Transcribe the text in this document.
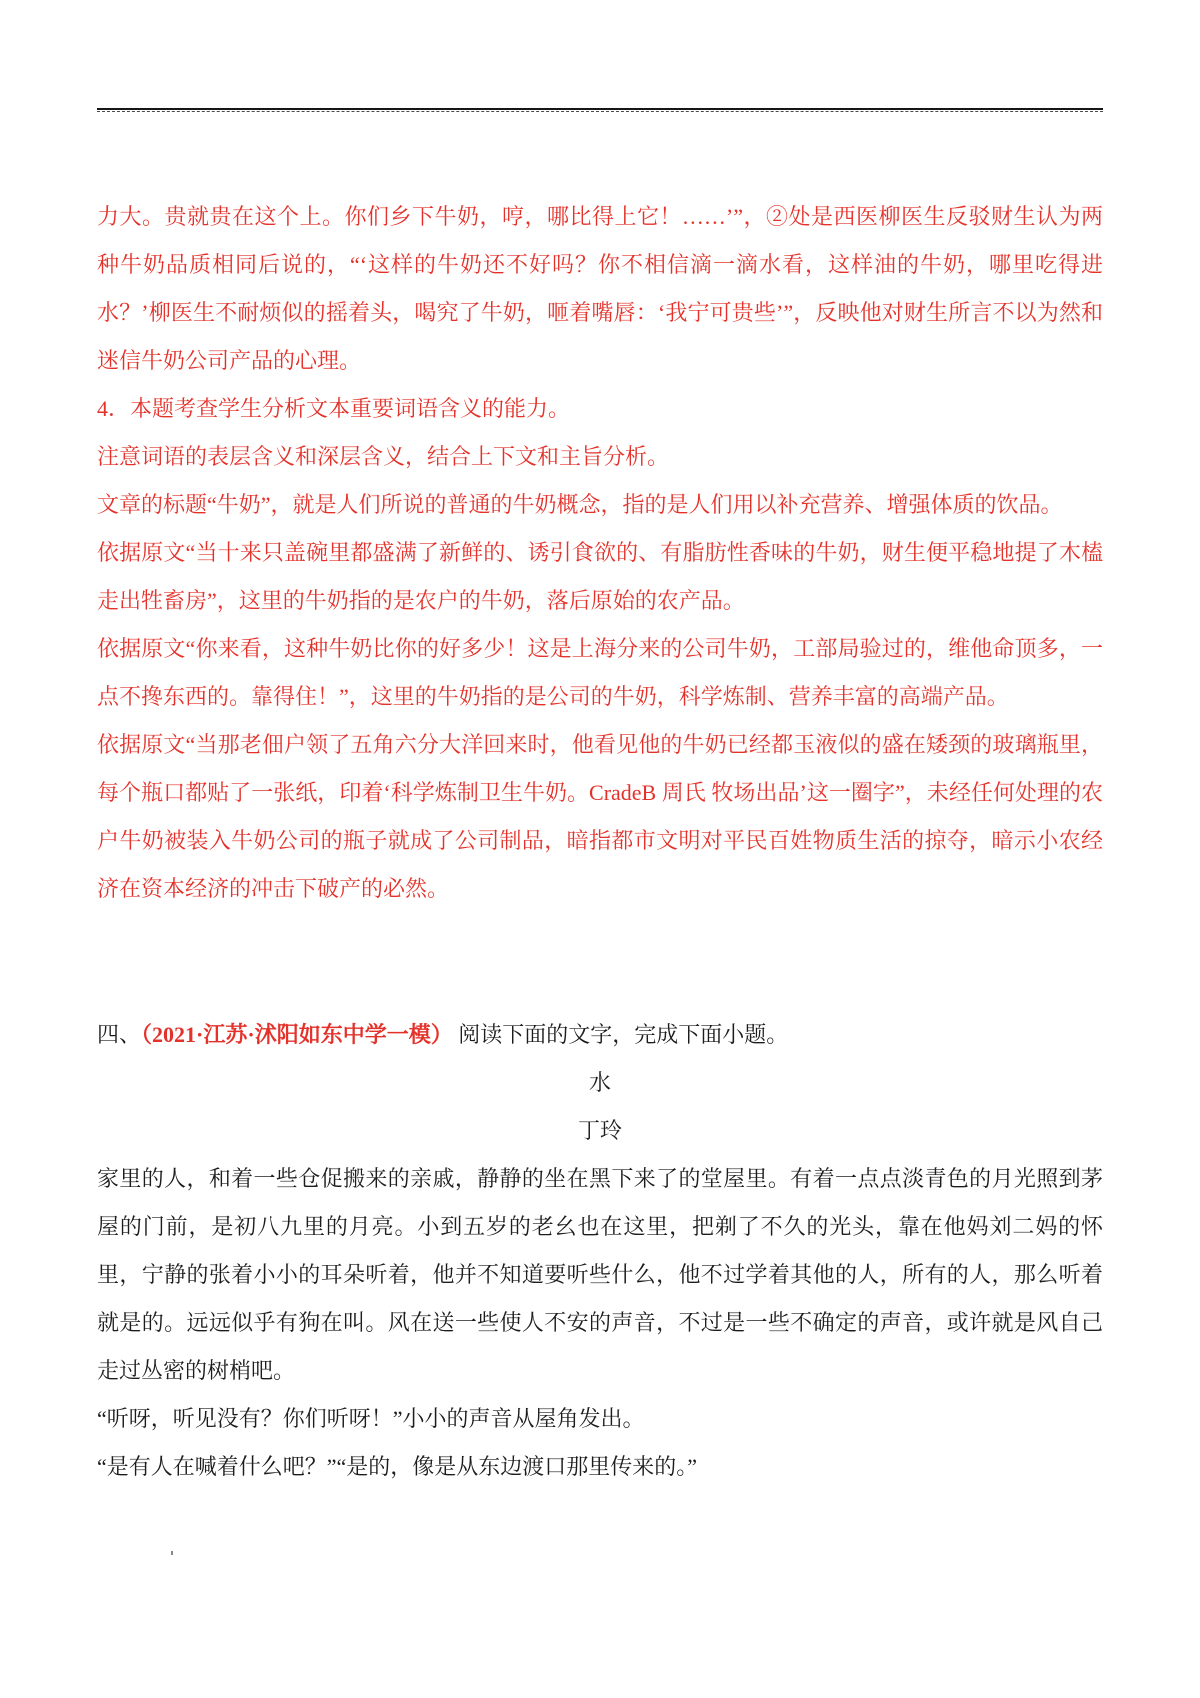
力大。贵就贵在这个上。你们乡下牛奶，哼，哪比得上它！……’”，②处是西医柳医生反驳财生认为两种牛奶品质相同后说的，“‘这样的牛奶还不好吗？你不相信滴一滴水看，这样油的牛奶，哪里吃得进水？’柳医生不耐烦似的摇着头，喝究了牛奶，咂着嘴唇：‘我宁可贵些’”，反映他对财生所言不以为然和迷信牛奶公司产品的心理。

4．本题考查学生分析文本重要词语含义的能力。

注意词语的表层含义和深层含义，结合上下文和主旨分析。

文章的标题“牛奶”，就是人们所说的普通的牛奶概念，指的是人们用以补充营养、增强体质的饮品。

依据原文“当十来只盖碗里都盛满了新鲜的、诱引食欲的、有脂肪性香味的牛奶，财生便平稳地提了木榼走出牲畜房”，这里的牛奶指的是农户的牛奶，落后原始的农产品。

依据原文“你来看，这种牛奶比你的好多少！这是上海分来的公司牛奶，工部局验过的，维他命顶多，一点不搀东西的。靠得住！”，这里的牛奶指的是公司的牛奶，科学炼制、营养丰富的高端产品。

依据原文“当那老佃户领了五角六分大洋回来时，他看见他的牛奶已经都玉液似的盛在矮颈的玻璃瓶里，每个瓶口都贴了一张纸，印着‘科学炼制卫生牛奶。CradeB 周氏 牧场出品’这一圈字”，未经任何处理的农户牛奶被装入牛奶公司的瓶子就成了公司制品，暗指都市文明对平民百姓物质生活的掠夺，暗示小农经济在资本经济的冲击下破产的必然。

四、（2021·江苏·沭阳如东中学一模） 阅读下面的文字，完成下面小题。

水

丁玲

家里的人，和着一些仓促搬来的亲戚，静静的坐在黑下来了的堂屋里。有着一点点淡青色的月光照到茅屋的门前，是初八九里的月亮。小到五岁的老幺也在这里，把剃了不久的光头，靠在他妈刘二妈的怀里，宁静的张着小小的耳朵听着，他并不知道要听些什么，他不过学着其他的人，所有的人，那么听着就是的。远远似乎有狗在叫。风在送一些使人不安的声音，不过是一些不确定的声音，或许就是风自己走过丛密的树梢吧。

“听呀，听见没有？你们听呀！”小小的声音从屋角发出。

“是有人在喊着什么吧？”“是的，像是从东边渡口那里传来的。”
